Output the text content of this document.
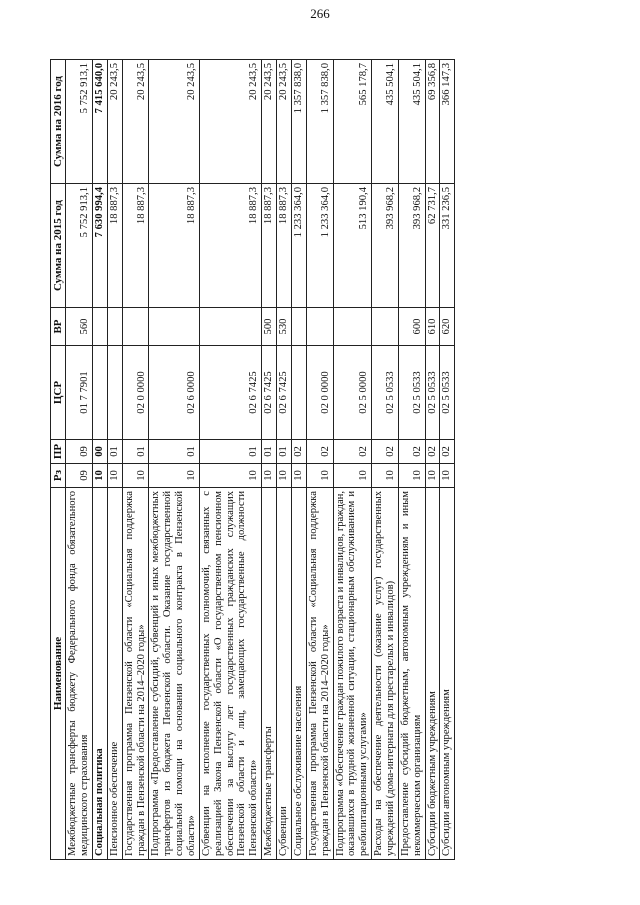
266
Наименование	Рз	ПР	ЦСР	ВР	Сумма на 2015 год	Сумма на 2016 год
Межбюджетные трансферты бюджету Федерального фонда обязательного медицинского страхования	09	09	01 7 7901	560	5 752 913,1	5 752 913,1
Социальная политика	10	00			7 630 994,4	7 415 640,0
Пенсионное обеспечение	10	01			18 887,3	20 243,5
Государственная программа Пензенской области «Социальная поддержка граждан в Пензенской области на 2014–2020 годы»	10	01	02 0 0000		18 887,3	20 243,5
Подпрограмма «Предоставление субсидий, субвенций и иных межбюджетных трансфертов из бюджета Пензенской области. Оказание государственной социальной помощи на основании социального контракта в Пензенской области»	10	01	02 6 0000		18 887,3	20 243,5
Субвенции на исполнение государственных полномочий, связанных с реализацией Закона Пензенской области «О государственном пенсионном обеспечении за выслугу лет государственных гражданских служащих Пензенской области и лиц, замещающих государственные должности Пензенской области»	10	01	02 6 7425		18 887,3	20 243,5
Межбюджетные трансферты	10	01	02 6 7425	500	18 887,3	20 243,5
Субвенции	10	01	02 6 7425	530	18 887,3	20 243,5
Социальное обслуживание населения	10	02			1 233 364,0	1 357 838,0
Государственная программа Пензенской области «Социальная поддержка граждан в Пензенской области на 2014–2020 годы»	10	02	02 0 0000		1 233 364,0	1 357 838,0
Подпрограмма «Обеспечение граждан пожилого возраста и инвалидов, граждан, оказавшихся в трудной жизненной ситуации, стационарным обслуживанием и реабилитационными услугами»	10	02	02 5 0000		513 190,4	565 178,7
Расходы на обеспечение деятельности (оказание услуг) государственных учреждений (дома-интернаты для престарелых и инвалидов)	10	02	02 5 0533		393 968,2	435 504,1
Предоставление субсидий бюджетным, автономным учреждениям и иным некоммерческим организациям	10	02	02 5 0533	600	393 968,2	435 504,1
Субсидии бюджетным учреждениям	10	02	02 5 0533	610	62 731,7	69 356,8
Субсидии автономным учреждениям	10	02	02 5 0533	620	331 236,5	366 147,3
